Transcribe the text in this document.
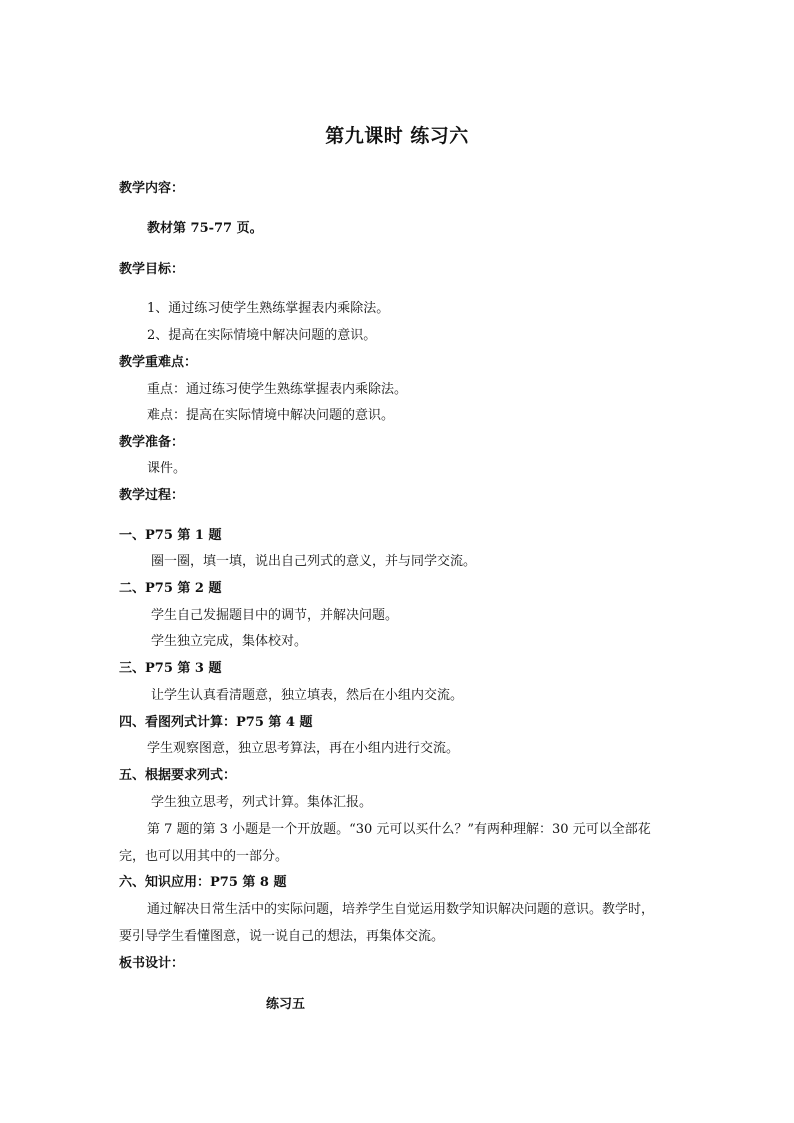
第九课时 练习六
教学内容：
教材第 75-77 页。
教学目标：
1、通过练习使学生熟练掌握表内乘除法。
2、提高在实际情境中解决问题的意识。
教学重难点：
重点：通过练习使学生熟练掌握表内乘除法。
难点：提高在实际情境中解决问题的意识。
教学准备：
课件。
教学过程：
一、P75 第 1 题
圈一圈，填一填，说出自己列式的意义，并与同学交流。
二、P75 第 2 题
学生自己发掘题目中的调节，并解决问题。
学生独立完成，集体校对。
三、P75 第 3 题
让学生认真看清题意，独立填表，然后在小组内交流。
四、看图列式计算：P75 第 4 题
学生观察图意，独立思考算法，再在小组内进行交流。
五、根据要求列式：
学生独立思考，列式计算。集体汇报。
第 7 题的第 3 小题是一个开放题。“30 元可以买什么？”有两种理解：30 元可以全部花
完，也可以用其中的一部分。
六、知识应用：P75 第 8 题
通过解决日常生活中的实际问题，培养学生自觉运用数学知识解决问题的意识。教学时，
要引导学生看懂图意，说一说自己的想法，再集体交流。
板书设计：
练习五
